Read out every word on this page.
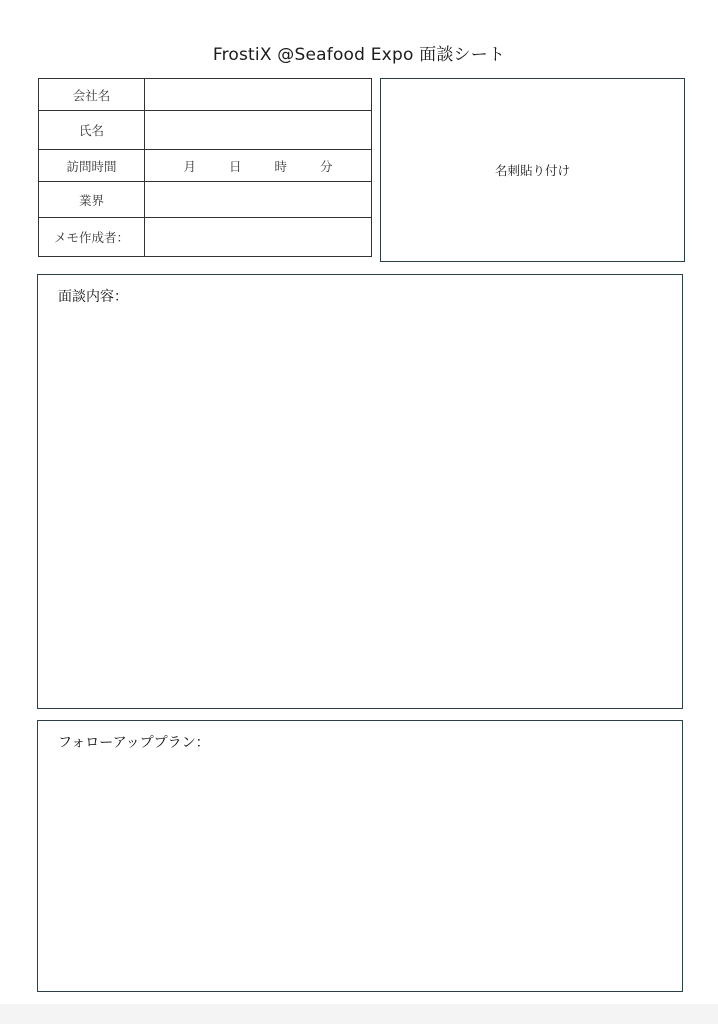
FrostiX @Seafood Expo 面談シート
会社名	
氏名	
訪問時間	月 日 時 分

業界	
メモ作成者：	
名刺貼り付け
面談内容：
フォローアッププラン：
